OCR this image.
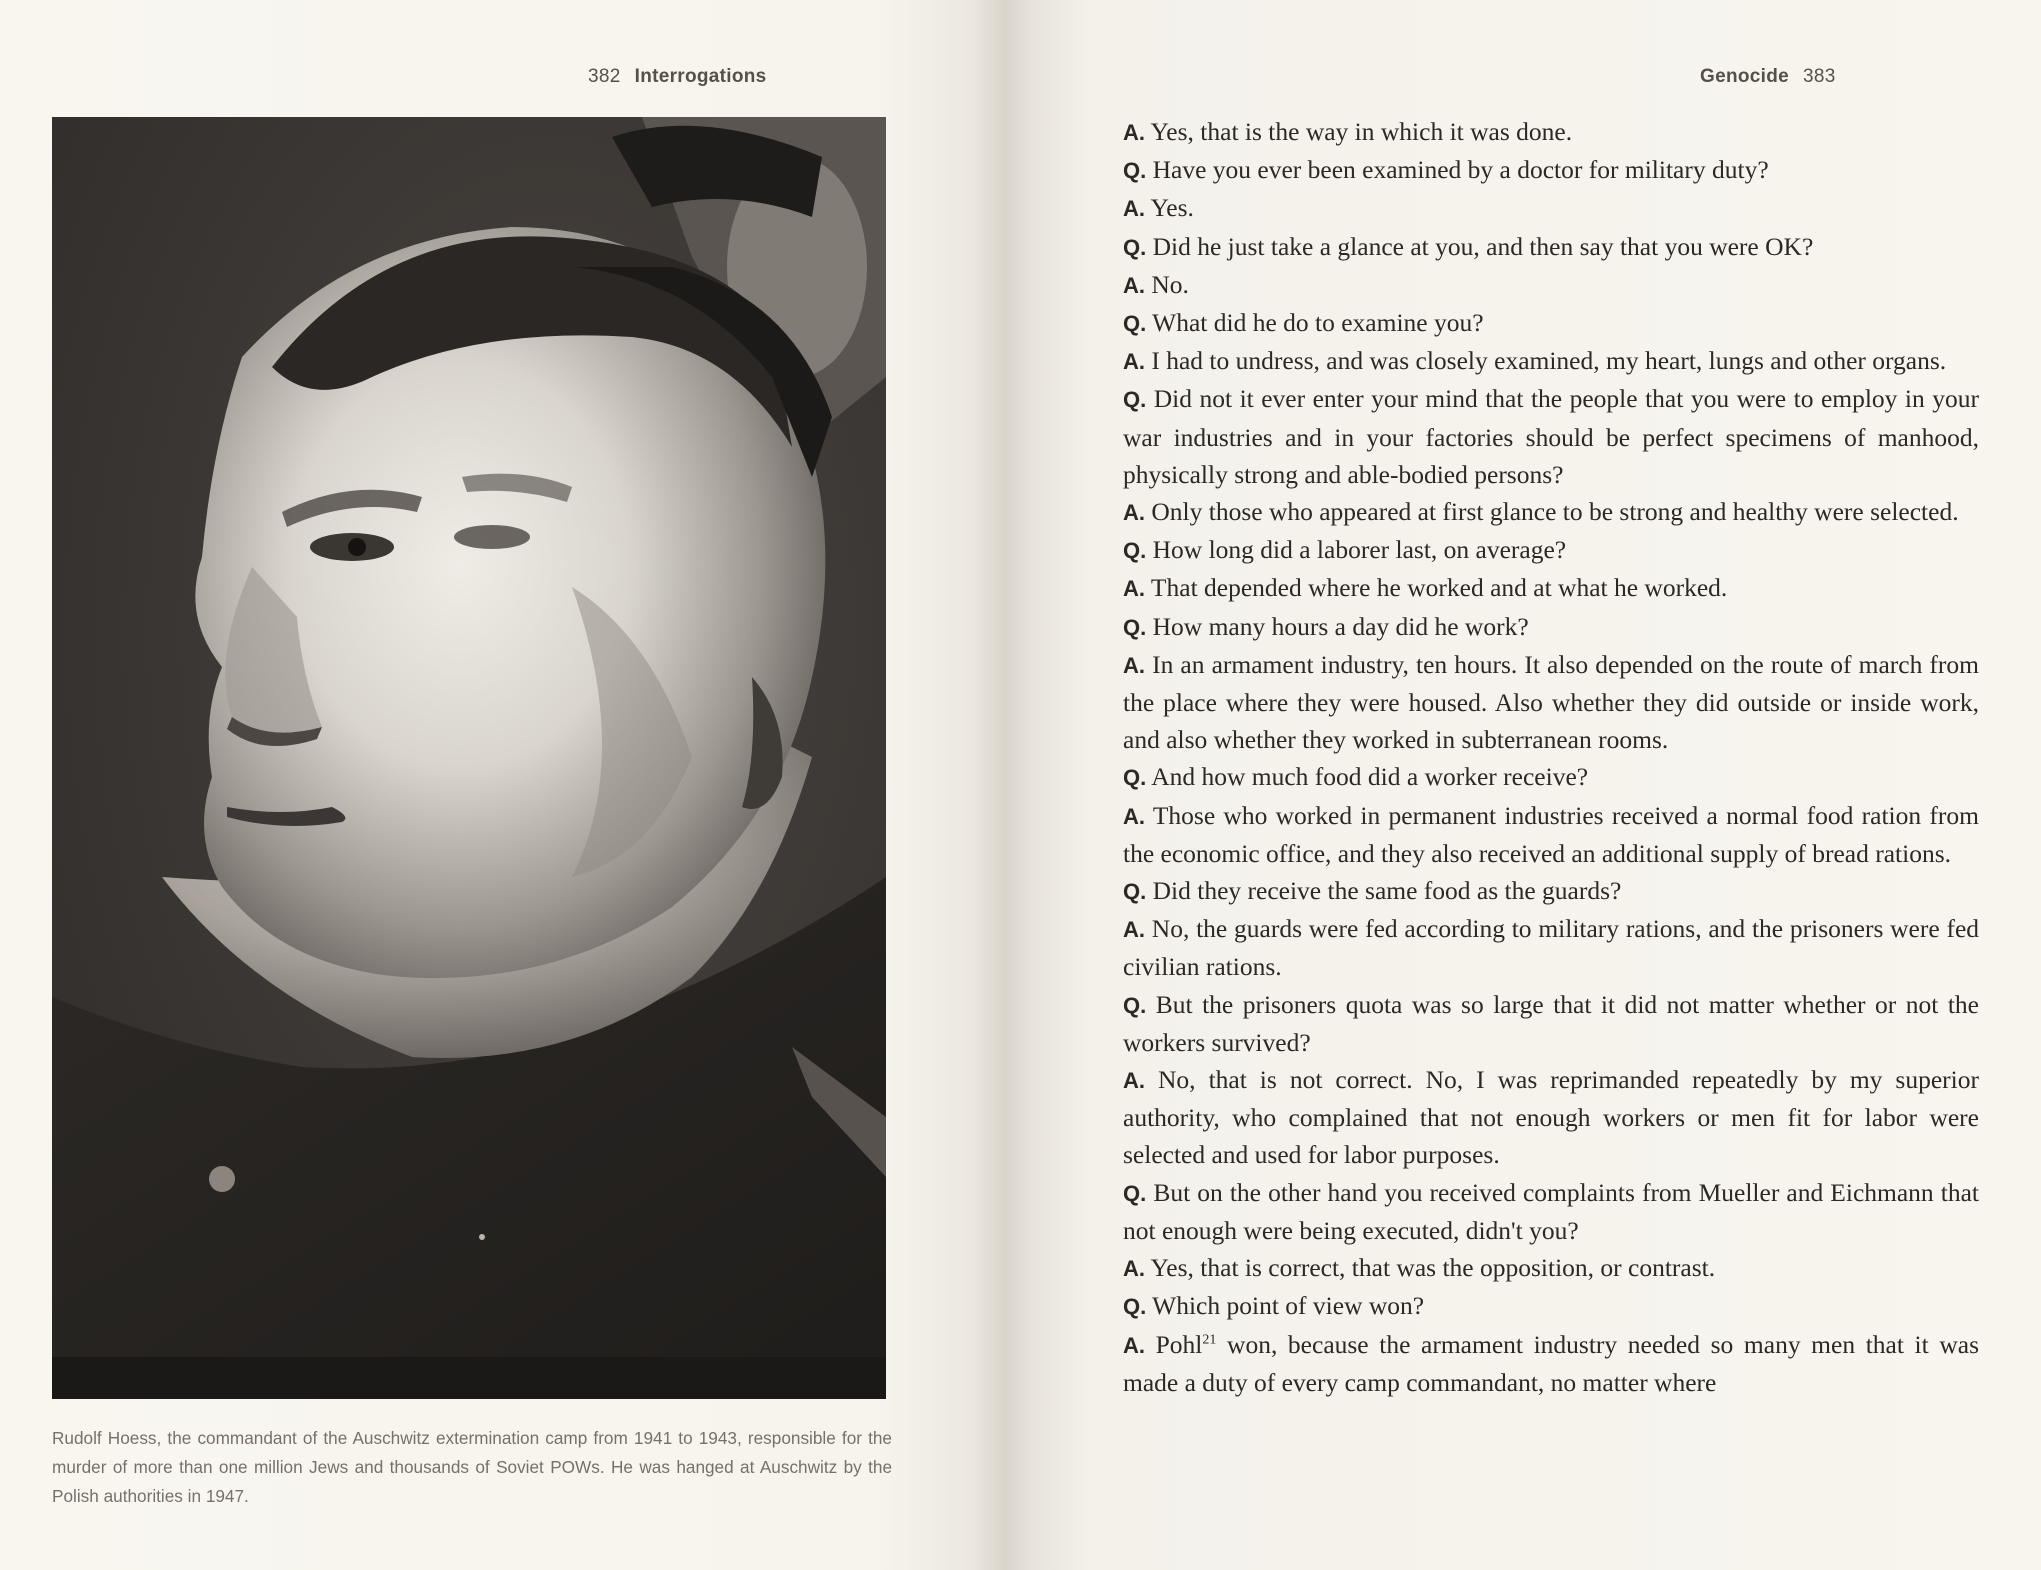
382 Interrogations
Rudolf Hoess, the commandant of the Auschwitz extermination camp from 1941 to 1943, responsible for the murder of more than one million Jews and thousands of Soviet POWs. He was hanged at Auschwitz by the Polish authorities in 1947.
Genocide 383

A. Yes, that is the way in which it was done.

Q. Have you ever been examined by a doctor for military duty?

A. Yes.

Q. Did he just take a glance at you, and then say that you were OK?

A. No.

Q. What did he do to examine you?

A. I had to undress, and was closely examined, my heart, lungs and other organs.

Q. Did not it ever enter your mind that the people that you were to employ in your war industries and in your factories should be perfect specimens of manhood, physically strong and able-bodied persons?

A. Only those who appeared at first glance to be strong and healthy were selected.

Q. How long did a laborer last, on average?

A. That depended where he worked and at what he worked.

Q. How many hours a day did he work?

A. In an armament industry, ten hours. It also depended on the route of march from the place where they were housed. Also whether they did outside or inside work, and also whether they worked in subterranean rooms.

Q. And how much food did a worker receive?

A. Those who worked in permanent industries received a normal food ration from the economic office, and they also received an additional supply of bread rations.

Q. Did they receive the same food as the guards?

A. No, the guards were fed according to military rations, and the prisoners were fed civilian rations.

Q. But the prisoners quota was so large that it did not matter whether or not the workers survived?

A. No, that is not correct. No, I was reprimanded repeatedly by my superior authority, who complained that not enough workers or men fit for labor were selected and used for labor purposes.

Q. But on the other hand you received complaints from Mueller and Eichmann that not enough were being executed, didn't you?

A. Yes, that is correct, that was the opposition, or contrast.

Q. Which point of view won?

A. Pohl$^{21}$ won, because the armament industry needed so many men that it was made a duty of every camp commandant, no matter where
